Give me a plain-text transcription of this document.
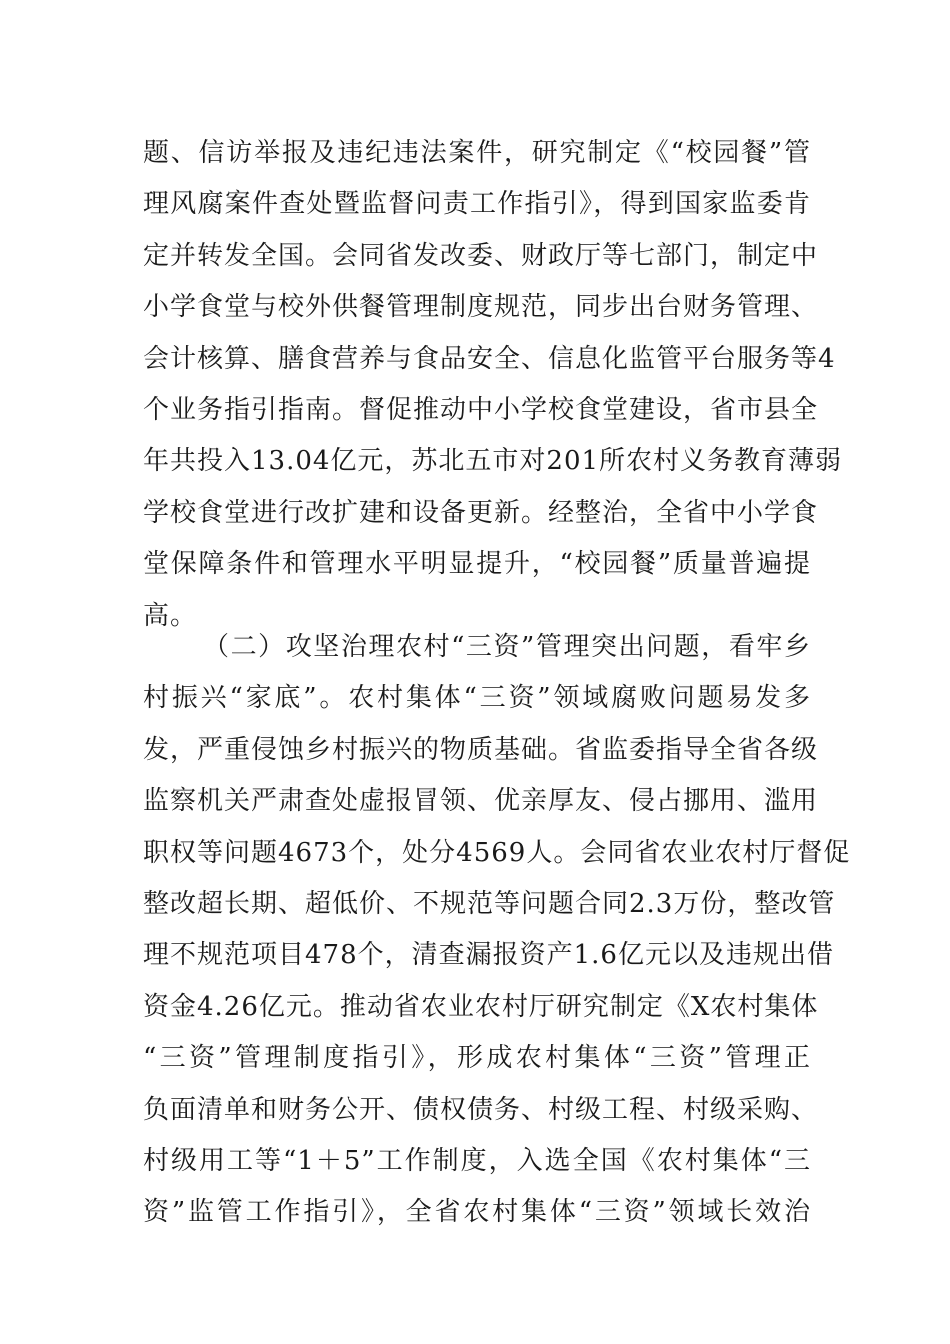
题、信访举报及违纪违法案件，研究制定《“校园餐”管
理风腐案件查处暨监督问责工作指引》，得到国家监委肯
定并转发全国。会同省发改委、财政厅等七部门，制定中
小学食堂与校外供餐管理制度规范，同步出台财务管理、
会计核算、膳食营养与食品安全、信息化监管平台服务等4
个业务指引指南。督促推动中小学校食堂建设，省市县全
年共投入13.04亿元，苏北五市对201所农村义务教育薄弱
学校食堂进行改扩建和设备更新。经整治，全省中小学食
堂保障条件和管理水平明显提升，“校园餐”质量普遍提
高。
（二）攻坚治理农村“三资”管理突出问题，看牢乡
村振兴“家底”。农村集体“三资”领域腐败问题易发多
发，严重侵蚀乡村振兴的物质基础。省监委指导全省各级
监察机关严肃查处虚报冒领、优亲厚友、侵占挪用、滥用
职权等问题4673个，处分4569人。会同省农业农村厅督促
整改超长期、超低价、不规范等问题合同2.3万份，整改管
理不规范项目478个，清查漏报资产1.6亿元以及违规出借
资金4.26亿元。推动省农业农村厅研究制定《X农村集体
“三资”管理制度指引》，形成农村集体“三资”管理正
负面清单和财务公开、债权债务、村级工程、村级采购、
村级用工等“1＋5”工作制度，入选全国《农村集体“三
资”监管工作指引》，全省农村集体“三资”领域长效治
